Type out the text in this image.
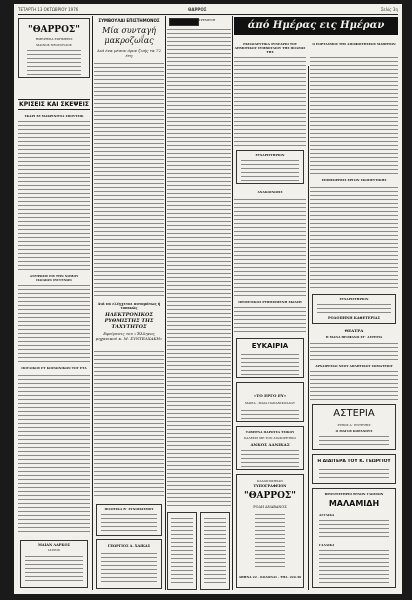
ΤΕΤΑΡΤΗ 13 ΟΚΤΩΒΡΙΟΥ 1976	ΘΑΡΡΟΣ	Σελίς 3η
"ΘΑΡΡΟΣ"
ΗΜΕΡΗΣΙΑ ΕΦΗΜΕΡΙΣ
ΜΑΙΝΟΣ ΝΕΟΠΟΥΛΟΣ
ΚΡΙΣΕΙΣ ΚΑΙ ΣΚΕΨΕΙΣ
ΣΚΑΡΙ ΣΕ ΜΑΚΡΙΝΙΤΣΑ ΣΠΟΥΤΣΙΚ
ΑΝΥΨΩΣΙΣ ΕΙΣ ΤΗΝ ΝΟΜΟΥ
ΠΑΙΔΙΩΝ ΣΥΓΓΕΝΩΝ
ΠΟΥΛΙΚΟΣ ΕΤ ΚΟΙΝΩΝΙΚΩΝ ΤΟΥ ΕΤΑ
ΜΑΙΑΝ ΛΑΡΚΟΣ
ΙΑΤΡΟΣ
ΣΥΜΒΟΥΛΑΙ ΕΠΙΣΤΗΜΟΝΟΣ
Μία συνταγή μακροζωΐας
Διά ένα μέσον όρον ζωής τα 72 έτη
Διά να ελέγχεται αυτομάτως ή τοπικώς
ΗΛΕΚΤΡΟΝΙΚΟΣ ΡΥΘΜΙΣΤΗΣ ΤΗΣ ΤΑΧΥΤΗΤΟΣ
Εφεύρεσις του «Έλληνος μηχανικού κ. Μ. ΣΥΝΤΕΛΧΑΚΗ»
ΠΟΛΙΤΙΚΑ Β΄ ΣΥΝΟΙΚΙΣΜΟΥ
ΓΕΩΡΓΙΟΣ Δ. ΧΑΙΚΑΣ
ΕΙΚΟΝΑ ΣΤΡΕΜΕΝΗ	άπό Ημέρας εις Ημέραν
ΕΚΠΑΙΔΕΥΤΙΚΑ ΣΥΝΕΔΡΙΟ ΤΟΥ ΔΗΜΟΤΙΚΟΥ ΣΥΜΒΟΥΛΙΟΥ ΤΗΣ ΠΟΛΕΩΣ ΤΗΣ
ΕΥΧΑΡΙΣΤΗΡΙΟΝ
ΑΝΑΚΟΙΝΩΣΙΣ
ΠΡΟΣΕΙΣΚΟΣ ΡΥΘΜΙΣΜΕΝΗ ΣΚΙΑΣΗ
ΕΥΚΑΙΡΙΑ
«ΤΟ ΕΡΓΟ ΕΥ»
ΜΑΡΙΑ - ΜΑΙΑ ΠΑΠΑΝΙΚΟΛΑΟΥ
ΤΑΒΕΡΝΑ ΠΑΡΟΥΣΑ ΤΣΙΚΟΥ
ΚΑΛΕΣΙΣ ΜΕ ΤΟΝ ΔΙΑΦΟΡΕΤΙΚΟ
ΑΝΚΟΣ ΔΑΝΙΚΑΣ
ΚΛΑΙΟΠΟΙΗΣΑΝ
ΤΥΠΟΓΡΑΦΕΙΟΝ
"ΘΑΡΡΟΣ"
ΡΟΔΗ ΑΝΑΒΑΝΟΣ
ΑΘΗΝΑ 22 - ΚΟΛΟΝΑΙ - ΤΗΛ. 224-50
Ο ΕΟΡΤΑΣΜΟΣ ΤΗΣ ΑΠΟΦΟΙΤΗΣΕΩΣ ΜΑΘΗΤΩΝ
ΕΠΙΘΕΩΡΗΣΙΣ ΕΡΓΩΝ ΣΚΟΠΕΥΤΙΚΗΣ
ΕΥΧΑΡΙΣΤΗΡΙΟΝ
ΡΟΔΟΠΗΝΗ ΚΑΦΕΤΕΡΙΑΣ
ΘΕΑΤΡΑ
Η ΜΑΝΑ ΘΕΟΦΑΝΩ ΣΤ΄ ΑΣΤΕΡΙΑ
ΑΡΧΑΙΡΕΣΙΑΙ ΝΕΟΥ ΑΘΛΗΤΙΚΟΥ ΣΩΜΑΤΕΙΟΥ
ΑΣΤΕΡΙΑ
ΖΥΘΟΣ Α΄ ΕΝΤΕΥΞΙΣ
Ο ΜΑΓΟΣ ΚΟΡΑΝΟΥΣ
Η ΔΙΑΙΤΕΡΑ ΤΟΥ Κ. ΓΕΩΡΓΙΟΥ
ΦΡΟΝΤΙΣΤΗΡΙΟ ΞΕΝΩΝ ΓΛΩΣΣΩΝ
ΜΑΛΑΜΙΔΗ
ΑΓΓΛΙΚΑ
ΓΑΛΛΙΚΑ
